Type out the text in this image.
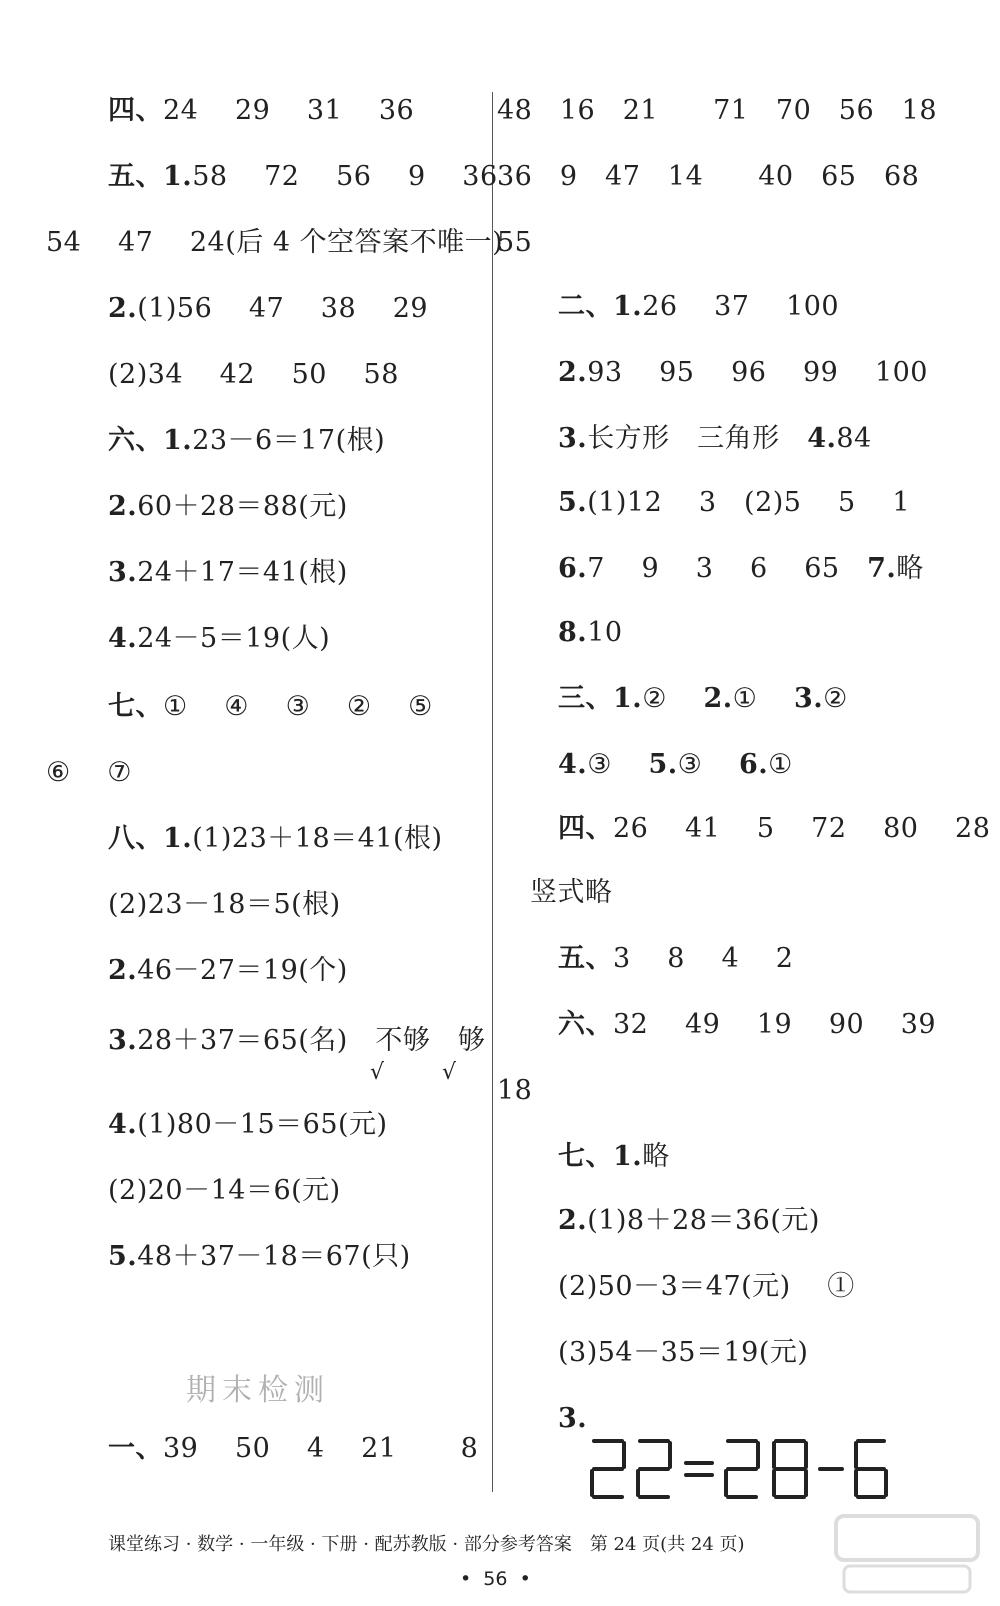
四、24　 29　 31　 36
五、1.58　 72　 56　 9　 36
54　 47　 24(后 4 个空答案不唯一)
2.(1)56　 47　 38　 29
(2)34　 42　 50　 58
六、1.23－6＝17(根)
2.60＋28＝88(元)
3.24＋17＝41(根)
4.24－5＝19(人)
七、①　 ④　 ③　 ②　 ⑤
⑥　 ⑦
八、1.(1)23＋18＝41(根)
(2)23－18＝5(根)
2.46－27＝19(个)
3.28＋37＝65(名)　不够　够
√	√
4.(1)80－15＝65(元)
(2)20－14＝6(元)
5.48＋37－18＝67(只)
期末检测
一、39　 50　 4　 21　　 8
48　16　21　　71　70　56　18
36　9　47　14　　40　65　68
55
二、1.26　 37　 100
2.93　 95　 96　 99　 100
3.长方形　三角形　4.84
5.(1)12　 3　(2)5　 5　 1
6.7　 9　 3　 6　 65　7.略
8.10
三、1.②　 2.①　 3.②
4.③　 5.③　 6.①
四、26　 41　 5　 72　 80　 28
竖式略
五、3　 8　 4　 2
六、32　 49　 19　 90　 39
18
七、1.略
2.(1)8＋28＝36(元)
(2)50－3＝47(元)　 ①
(3)54－35＝19(元)
3.
课堂练习 · 数学 · 一年级 · 下册 · 配苏教版 · 部分参考答案　第 24 页(共 24 页)
•  56  •
